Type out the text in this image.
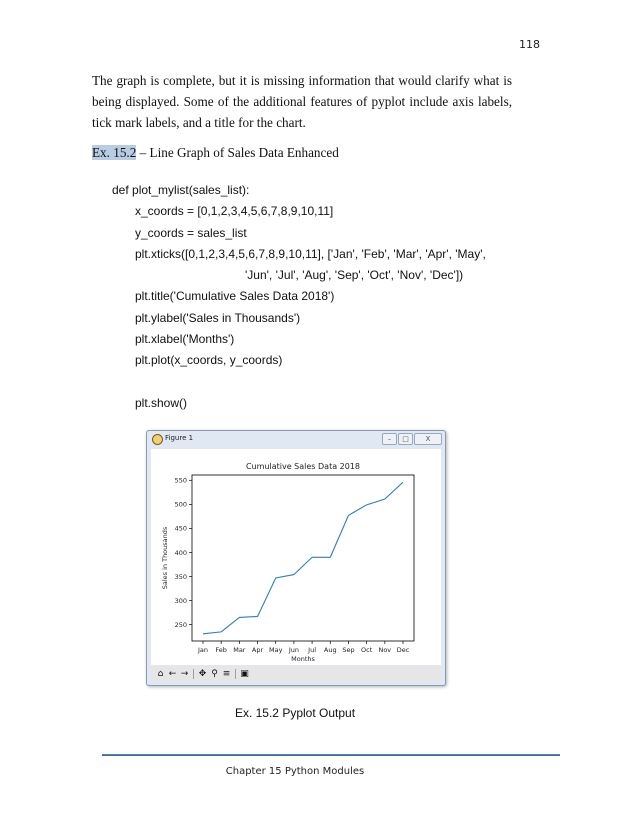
118
The graph is complete, but it is missing information that would clarify what is being displayed. Some of the additional features of pyplot include axis labels, tick mark labels, and a title for the chart.
Ex. 15.2 – Line Graph of Sales Data Enhanced
def plot_mylist(sales_list):
x_coords = [0,1,2,3,4,5,6,7,8,9,10,11]
y_coords = sales_list
plt.xticks([0,1,2,3,4,5,6,7,8,9,10,11], ['Jan', 'Feb', 'Mar', 'Apr', 'May',
'Jun', 'Jul', 'Aug', 'Sep', 'Oct', 'Nov', 'Dec'])
plt.title('Cumulative Sales Data 2018')
plt.ylabel('Sales in Thousands')
plt.xlabel('Months')
plt.plot(x_coords, y_coords)
plt.show()
Figure 1	–	□	X
Cumulative Sales Data 2018
250
300
350
400
450
500
550
Jan Feb Mar Apr May Jun Jul Aug Sep Oct Nov Dec
Months
Sales in Thousands
⌂ ← → ✥ ⚲ ≡ ▣
Ex. 15.2 Pyplot Output
Chapter 15 Python Modules
